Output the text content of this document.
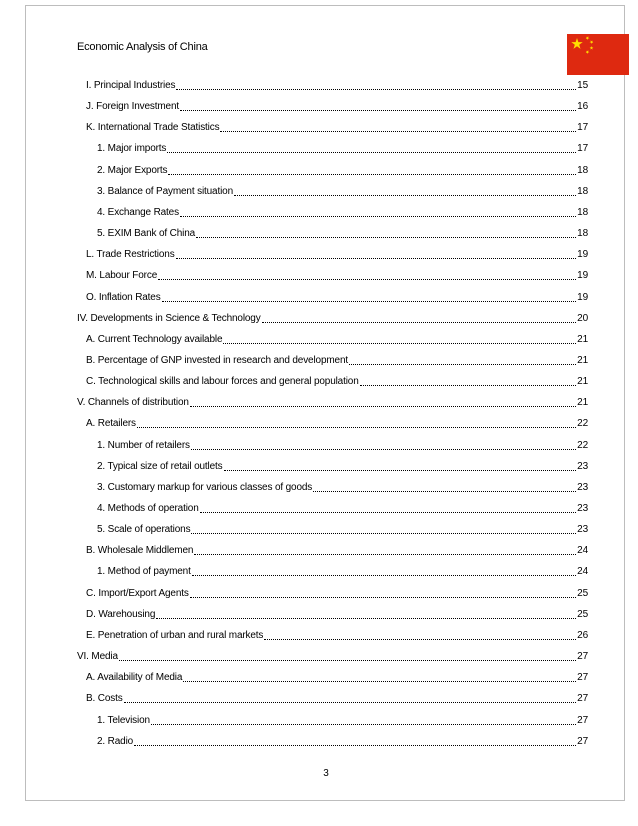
Economic Analysis of China
I. Principal Industries	15
J. Foreign Investment	16
K. International Trade Statistics	17
1. Major imports	17
2. Major Exports	18
3. Balance of Payment situation	18
4. Exchange Rates	18
5. EXIM Bank of China	18
L. Trade Restrictions	19
M. Labour Force	19
O. Inflation Rates	19
IV. Developments in Science & Technology	20
A. Current Technology available	21
B. Percentage of GNP invested in research and development	21
C. Technological skills and labour forces and general population	21
V. Channels of distribution	21
A. Retailers	22
1. Number of retailers	22
2. Typical size of retail outlets	23
3. Customary markup for various classes of goods	23
4. Methods of operation	23
5. Scale of operations	23
B. Wholesale Middlemen	24
1. Method of payment	24
C. Import/Export Agents	25
D. Warehousing	25
E. Penetration of urban and rural markets	26
VI. Media	27
A. Availability of Media	27
B. Costs	27
1. Television	27
2. Radio	27
3
